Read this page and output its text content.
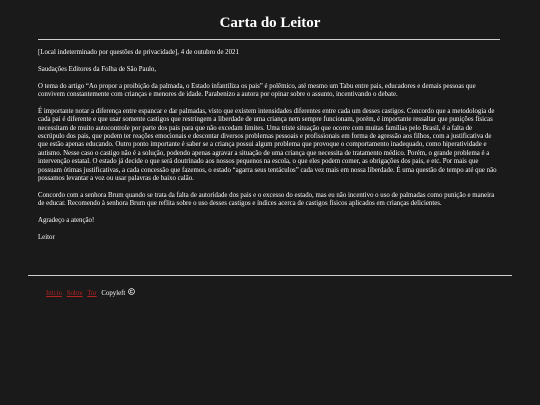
Carta do Leitor

[Local indeterminado por questões de privacidade], 4 de outubro de 2021

Saudações Editores da Folha de São Paulo,

O tema do artigo “Ao propor a proibição da palmada, o Estado infantiliza os pais” é polêmico, até mesmo um Tabu entre pais, educadores e demais pessoas que convivem constantemente com crianças e menores de idade. Parabenizo a autora por opinar sobre o assunto, incentivando o debate.

É importante notar a diferença entre espancar e dar palmadas, visto que existem intensidades diferentes entre cada um desses castigos. Concordo que a metodologia de cada pai é diferente e que usar somente castigos que restringem a liberdade de uma criança nem sempre funcionam, porém, é importante ressaltar que punições físicas necessitam de muito autocontrole por parte dos pais para que não excedam limites. Uma triste situação que ocorre com muitas famílias pelo Brasil, é a falta de escrúpulo dos pais, que podem ter reações emocionais e descontar diversos problemas pessoais e profissionais em forma de agressão aos filhos, com a justificativa de que estão apenas educando. Outro ponto importante é saber se a criança possui algum problema que provoque o comportamento inadequado, como hiperatividade e autismo. Nesse caso o castigo não é a solução, podendo apenas agravar a situação de uma criança que necessita de tratamento médico. Porém, o grande problema é a intervenção estatal. O estado já decide o que será doutrinado aos nossos pequenos na escola, o que eles podem comer, as obrigações dos pais, e etc. Por mais que possuam ótimas justificativas, a cada concessão que fazemos, o estado “agarra seus tentáculos” cada vez mais em nossa liberdade. É uma questão de tempo até que não possamos levantar a voz ou usar palavras de baixo calão.

Concordo com a senhora Brum quando se trata da falta de autoridade dos pais e o excesso do estado, mas eu não incentivo o uso de palmadas como punição e maneira de educar. Recomendo à senhora Brum que reflita sobre o uso desses castigos e índices acerca de castigos físicos aplicados em crianças delicientes.

Agradeço a atenção!

Leitor

Início Sobre Tor Copyleft
